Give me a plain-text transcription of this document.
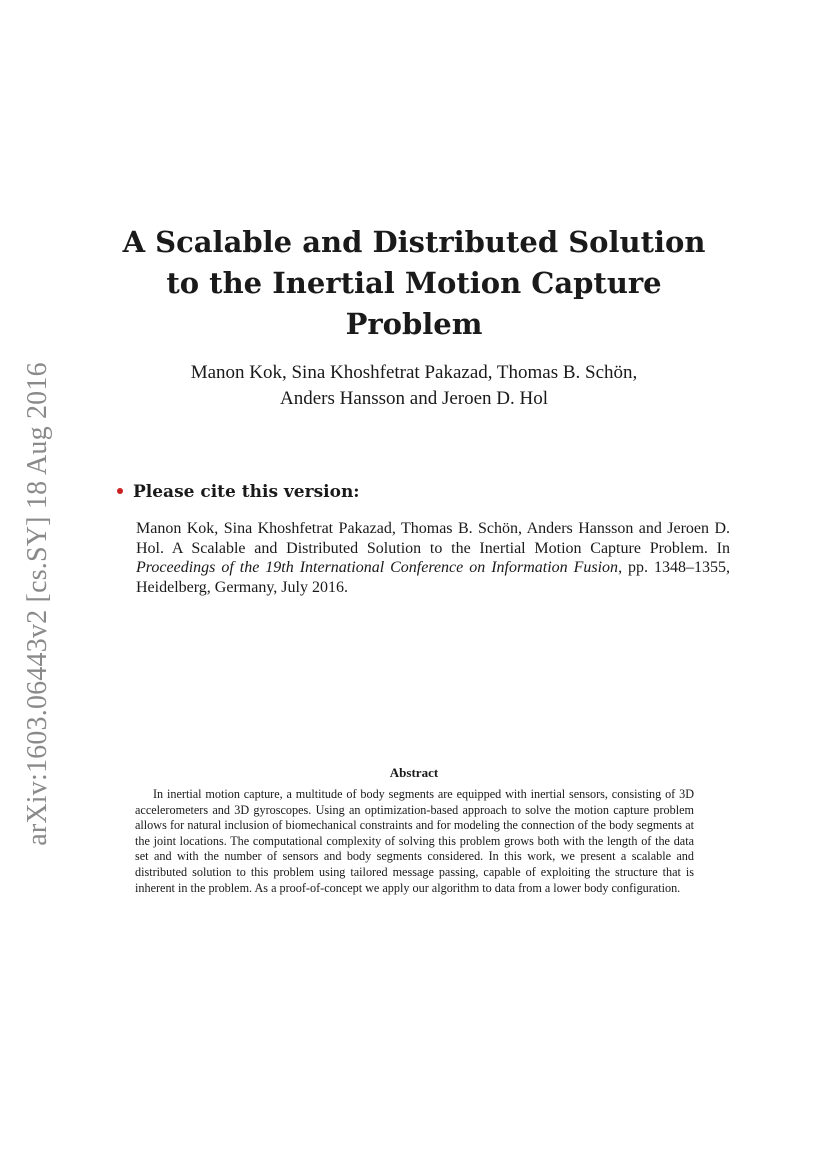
arXiv:1603.06443v2 [cs.SY] 18 Aug 2016
A Scalable and Distributed Solution
to the Inertial Motion Capture
Problem
Manon Kok, Sina Khoshfetrat Pakazad, Thomas B. Schön,
Anders Hansson and Jeroen D. Hol
Please cite this version:
Manon Kok, Sina Khoshfetrat Pakazad, Thomas B. Schön, Anders Hansson and Jeroen D. Hol. A Scalable and Distributed Solution to the Inertial Motion Capture Problem. In Proceedings of the 19th International Conference on Information Fusion, pp. 1348–1355, Heidelberg, Germany, July 2016.
Abstract
In inertial motion capture, a multitude of body segments are equipped with inertial sensors, consisting of 3D accelerometers and 3D gyroscopes. Using an optimization-based approach to solve the motion capture problem allows for natural inclusion of biomechanical constraints and for modeling the connection of the body segments at the joint locations. The computational complexity of solving this problem grows both with the length of the data set and with the number of sensors and body segments considered. In this work, we present a scalable and distributed solution to this problem using tailored message passing, capable of exploiting the structure that is inherent in the problem. As a proof-of-concept we apply our algorithm to data from a lower body configuration.
